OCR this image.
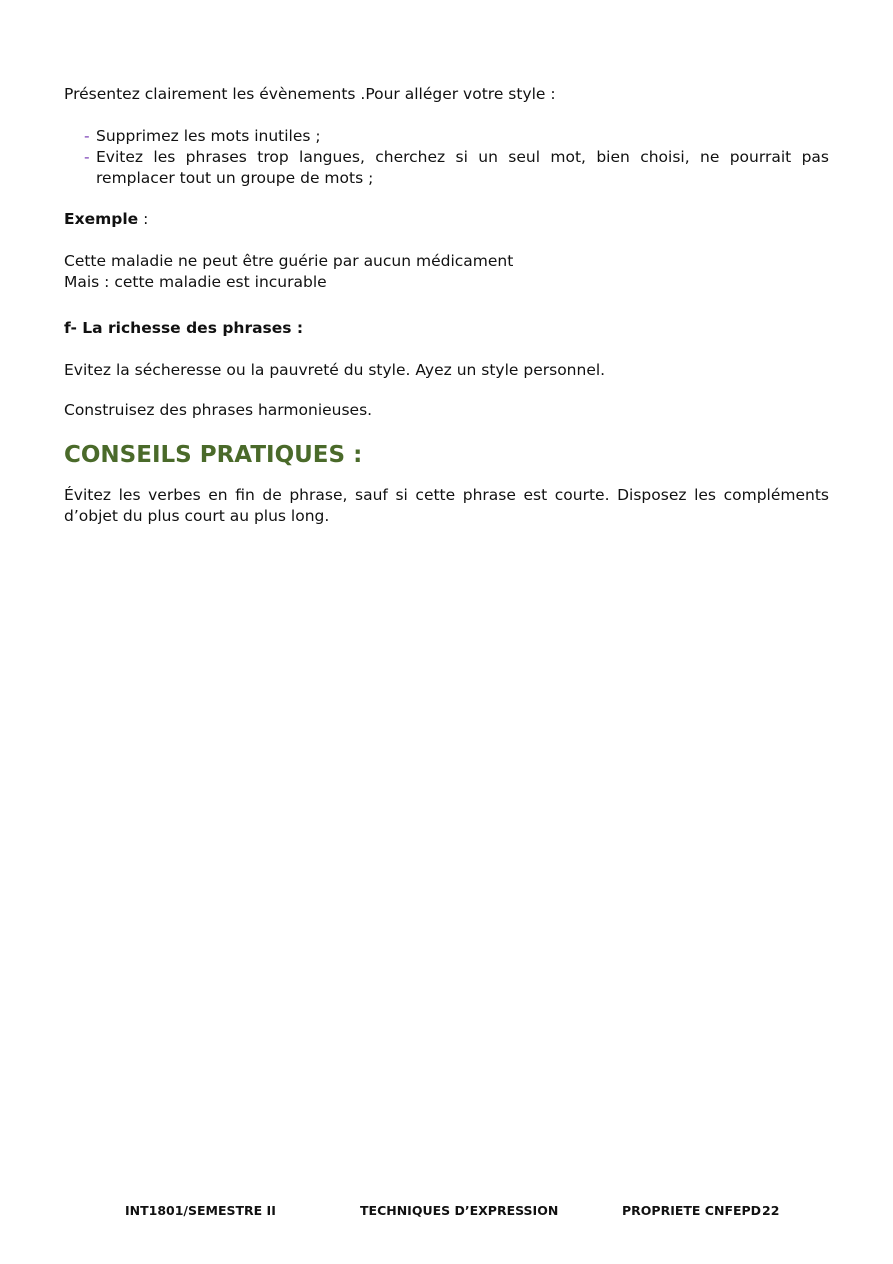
Présentez clairement les évènements .Pour alléger votre style :

- Supprimez les mots inutiles ;
- Evitez les phrases trop langues, cherchez si un seul mot, bien choisi, ne pourrait pas remplacer tout un groupe de mots ;

Exemple :

Cette maladie ne peut être guérie par aucun médicament

Mais : cette maladie est incurable

f- La richesse des phrases :

Evitez la sécheresse ou la pauvreté du style. Ayez un style personnel.

Construisez des phrases harmonieuses.

CONSEILS PRATIQUES :

Évitez les verbes en fin de phrase, sauf si cette phrase est courte. Disposez les compléments d’objet du plus court au plus long.

INT1801/SEMESTRE II	TECHNIQUES D’EXPRESSION	PROPRIETE CNFEPD 22
